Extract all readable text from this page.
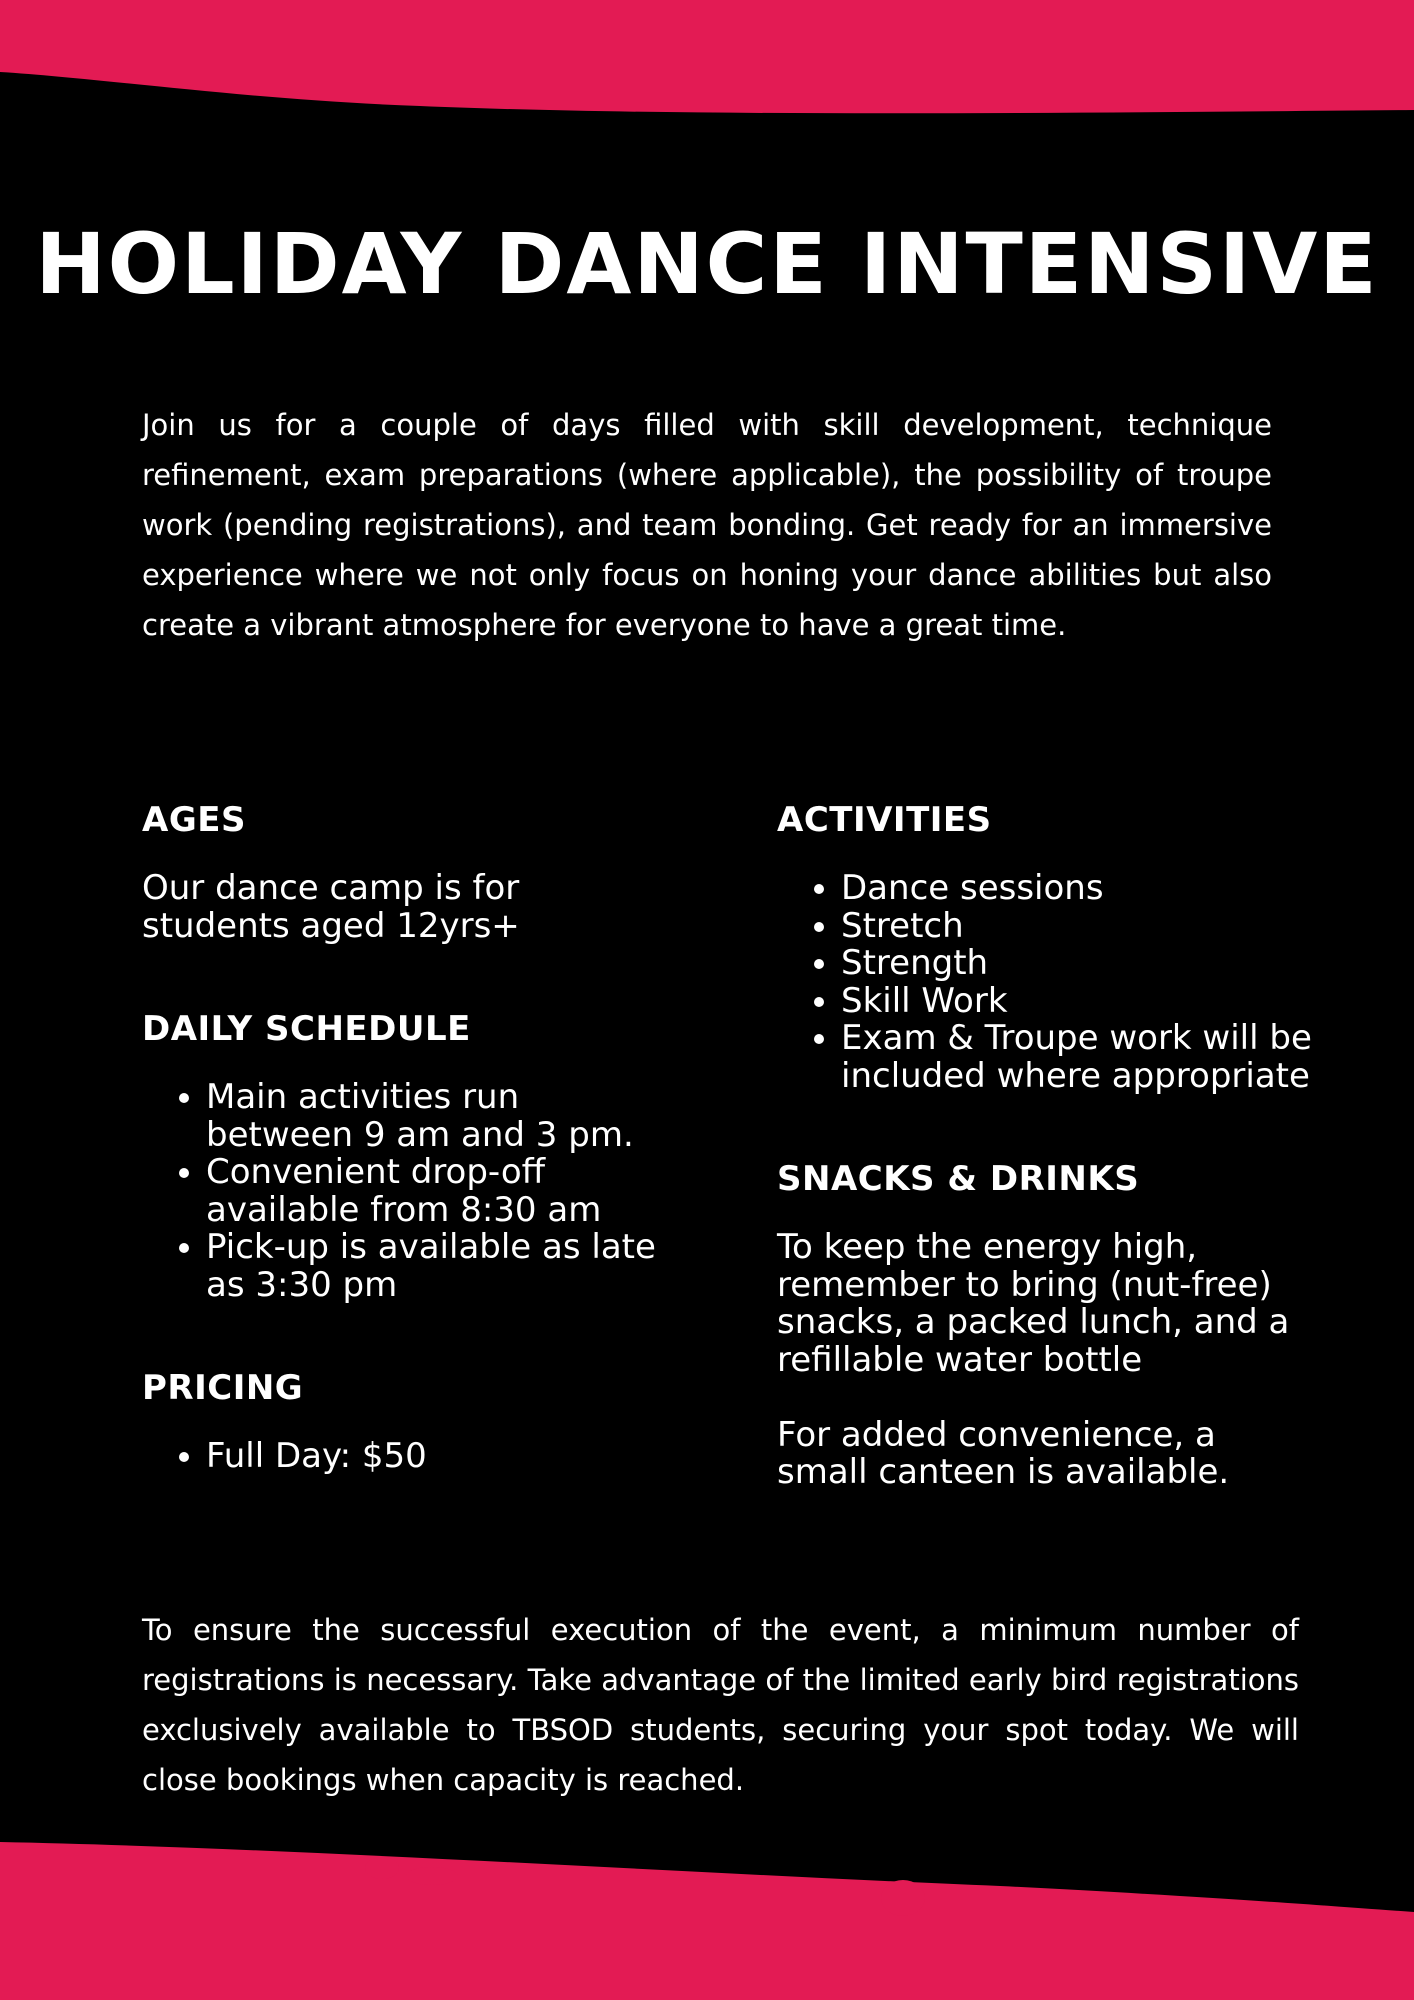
HOLIDAY DANCE INTENSIVE

Join us for a couple of days filled with skill development, technique refinement, exam preparations (where applicable), the possibility of troupe work (pending registrations), and team bonding. Get ready for an immersive experience where we not only focus on honing your dance abilities but also create a vibrant atmosphere for everyone to have a great time.

AGES

Our dance camp is for students aged 12yrs+

DAILY SCHEDULE
• Main activities run between 9 am and 3 pm.
• Convenient drop-off available from 8:30 am
• Pick-up is available as late as 3:30 pm
PRICING
• Full Day: $50
ACTIVITIES
• Dance sessions
• Stretch
• Strength
• Skill Work
• Exam & Troupe work will be included where appropriate
SNACKS & DRINKS

To keep the energy high, remember to bring (nut-free) snacks, a packed lunch, and a refillable water bottle

For added convenience, a small canteen is available.

To ensure the successful execution of the event, a minimum number of registrations is necessary. Take advantage of the limited early bird registrations exclusively available to TBSOD students, securing your spot today. We will close bookings when capacity is reached.
